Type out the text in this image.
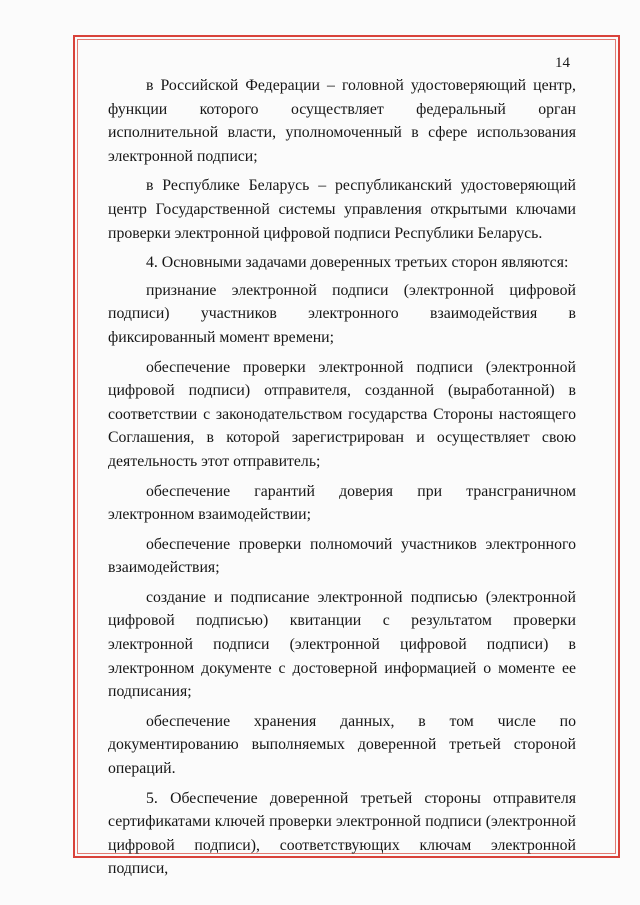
14

в Российской Федерации – головной удостоверяющий центр, функции которого осуществляет федеральный орган исполнительной власти, уполномоченный в сфере использования электронной подписи;

в Республике Беларусь – республиканский удостоверяющий центр Государственной системы управления открытыми ключами проверки электронной цифровой подписи Республики Беларусь.

4. Основными задачами доверенных третьих сторон являются:

признание электронной подписи (электронной цифровой подписи) участников электронного взаимодействия в фиксированный момент времени;

обеспечение проверки электронной подписи (электронной цифровой подписи) отправителя, созданной (выработанной) в соответствии с законодательством государства Стороны настоящего Соглашения, в которой зарегистрирован и осуществляет свою деятельность этот отправитель;

обеспечение гарантий доверия при трансграничном электронном взаимодействии;

обеспечение проверки полномочий участников электронного взаимодействия;

создание и подписание электронной подписью (электронной цифровой подписью) квитанции с результатом проверки электронной подписи (электронной цифровой подписи) в электронном документе с достоверной информацией о моменте ее подписания;

обеспечение хранения данных, в том числе по документированию выполняемых доверенной третьей стороной операций.

5. Обеспечение доверенной третьей стороны отправителя сертификатами ключей проверки электронной подписи (электронной цифровой подписи), соответствующих ключам электронной подписи,
